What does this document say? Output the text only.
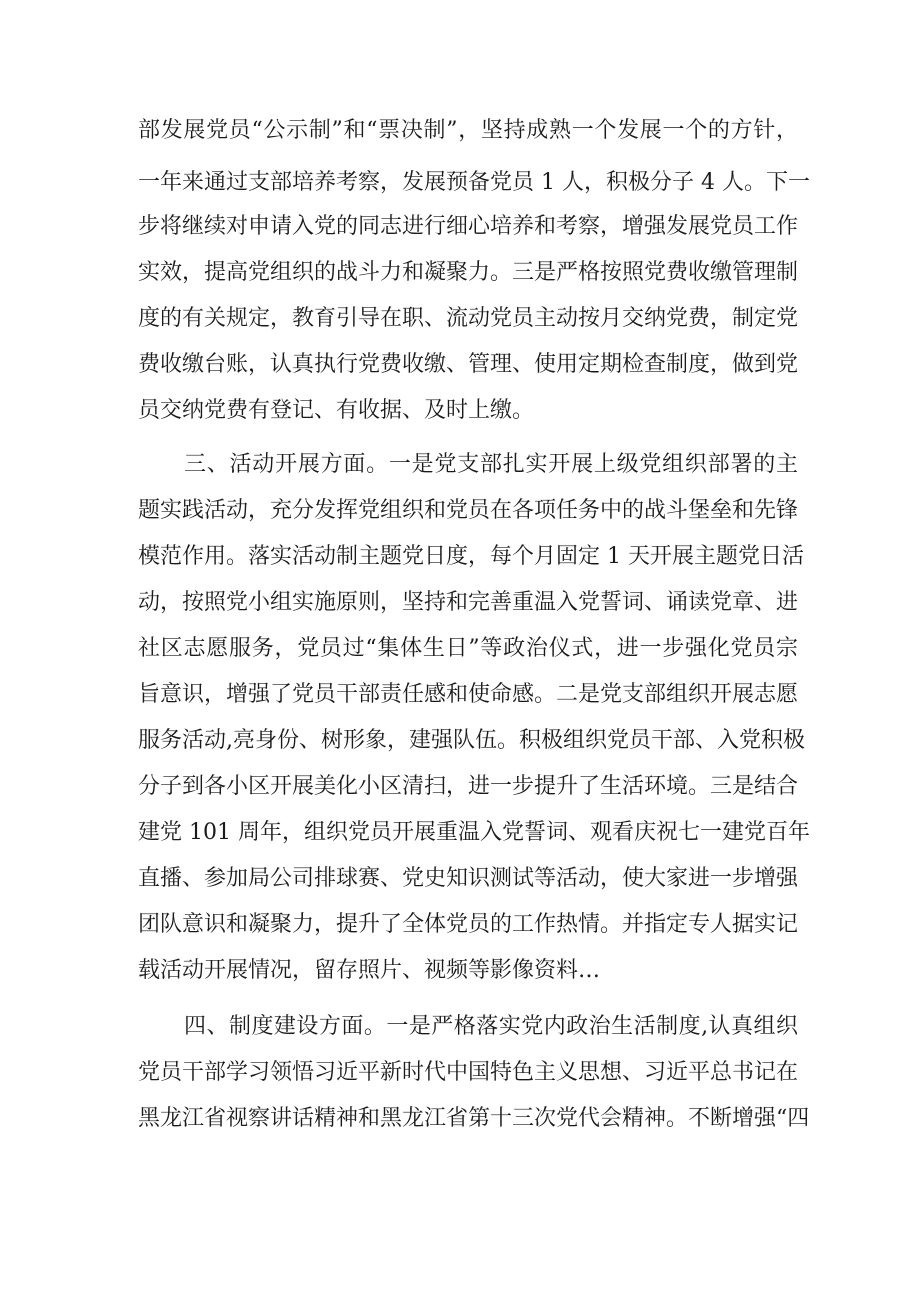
部发展党员“公示制”和“票决制”，坚持成熟一个发展一个的方针，
一年来通过支部培养考察，发展预备党员 1 人，积极分子 4 人。下一
步将继续对申请入党的同志进行细心培养和考察，增强发展党员工作
实效，提高党组织的战斗力和凝聚力。三是严格按照党费收缴管理制
度的有关规定，教育引导在职、流动党员主动按月交纳党费，制定党
费收缴台账，认真执行党费收缴、管理、使用定期检查制度，做到党
员交纳党费有登记、有收据、及时上缴。
三、活动开展方面。一是党支部扎实开展上级党组织部署的主
题实践活动，充分发挥党组织和党员在各项任务中的战斗堡垒和先锋
模范作用。落实活动制主题党日度，每个月固定 1 天开展主题党日活
动，按照党小组实施原则，坚持和完善重温入党誓词、诵读党章、进
社区志愿服务，党员过“集体生日”等政治仪式，进一步强化党员宗
旨意识，增强了党员干部责任感和使命感。二是党支部组织开展志愿
服务活动,亮身份、树形象，建强队伍。积极组织党员干部、入党积极
分子到各小区开展美化小区清扫，进一步提升了生活环境。三是结合
建党 101 周年，组织党员开展重温入党誓词、观看庆祝七一建党百年
直播、参加局公司排球赛、党史知识测试等活动，使大家进一步增强
团队意识和凝聚力，提升了全体党员的工作热情。并指定专人据实记
载活动开展情况，留存照片、视频等影像资料…
四、制度建设方面。一是严格落实党内政治生活制度,认真组织
党员干部学习领悟习近平新时代中国特色主义思想、习近平总书记在
黑龙江省视察讲话精神和黑龙江省第十三次党代会精神。不断增强“四
